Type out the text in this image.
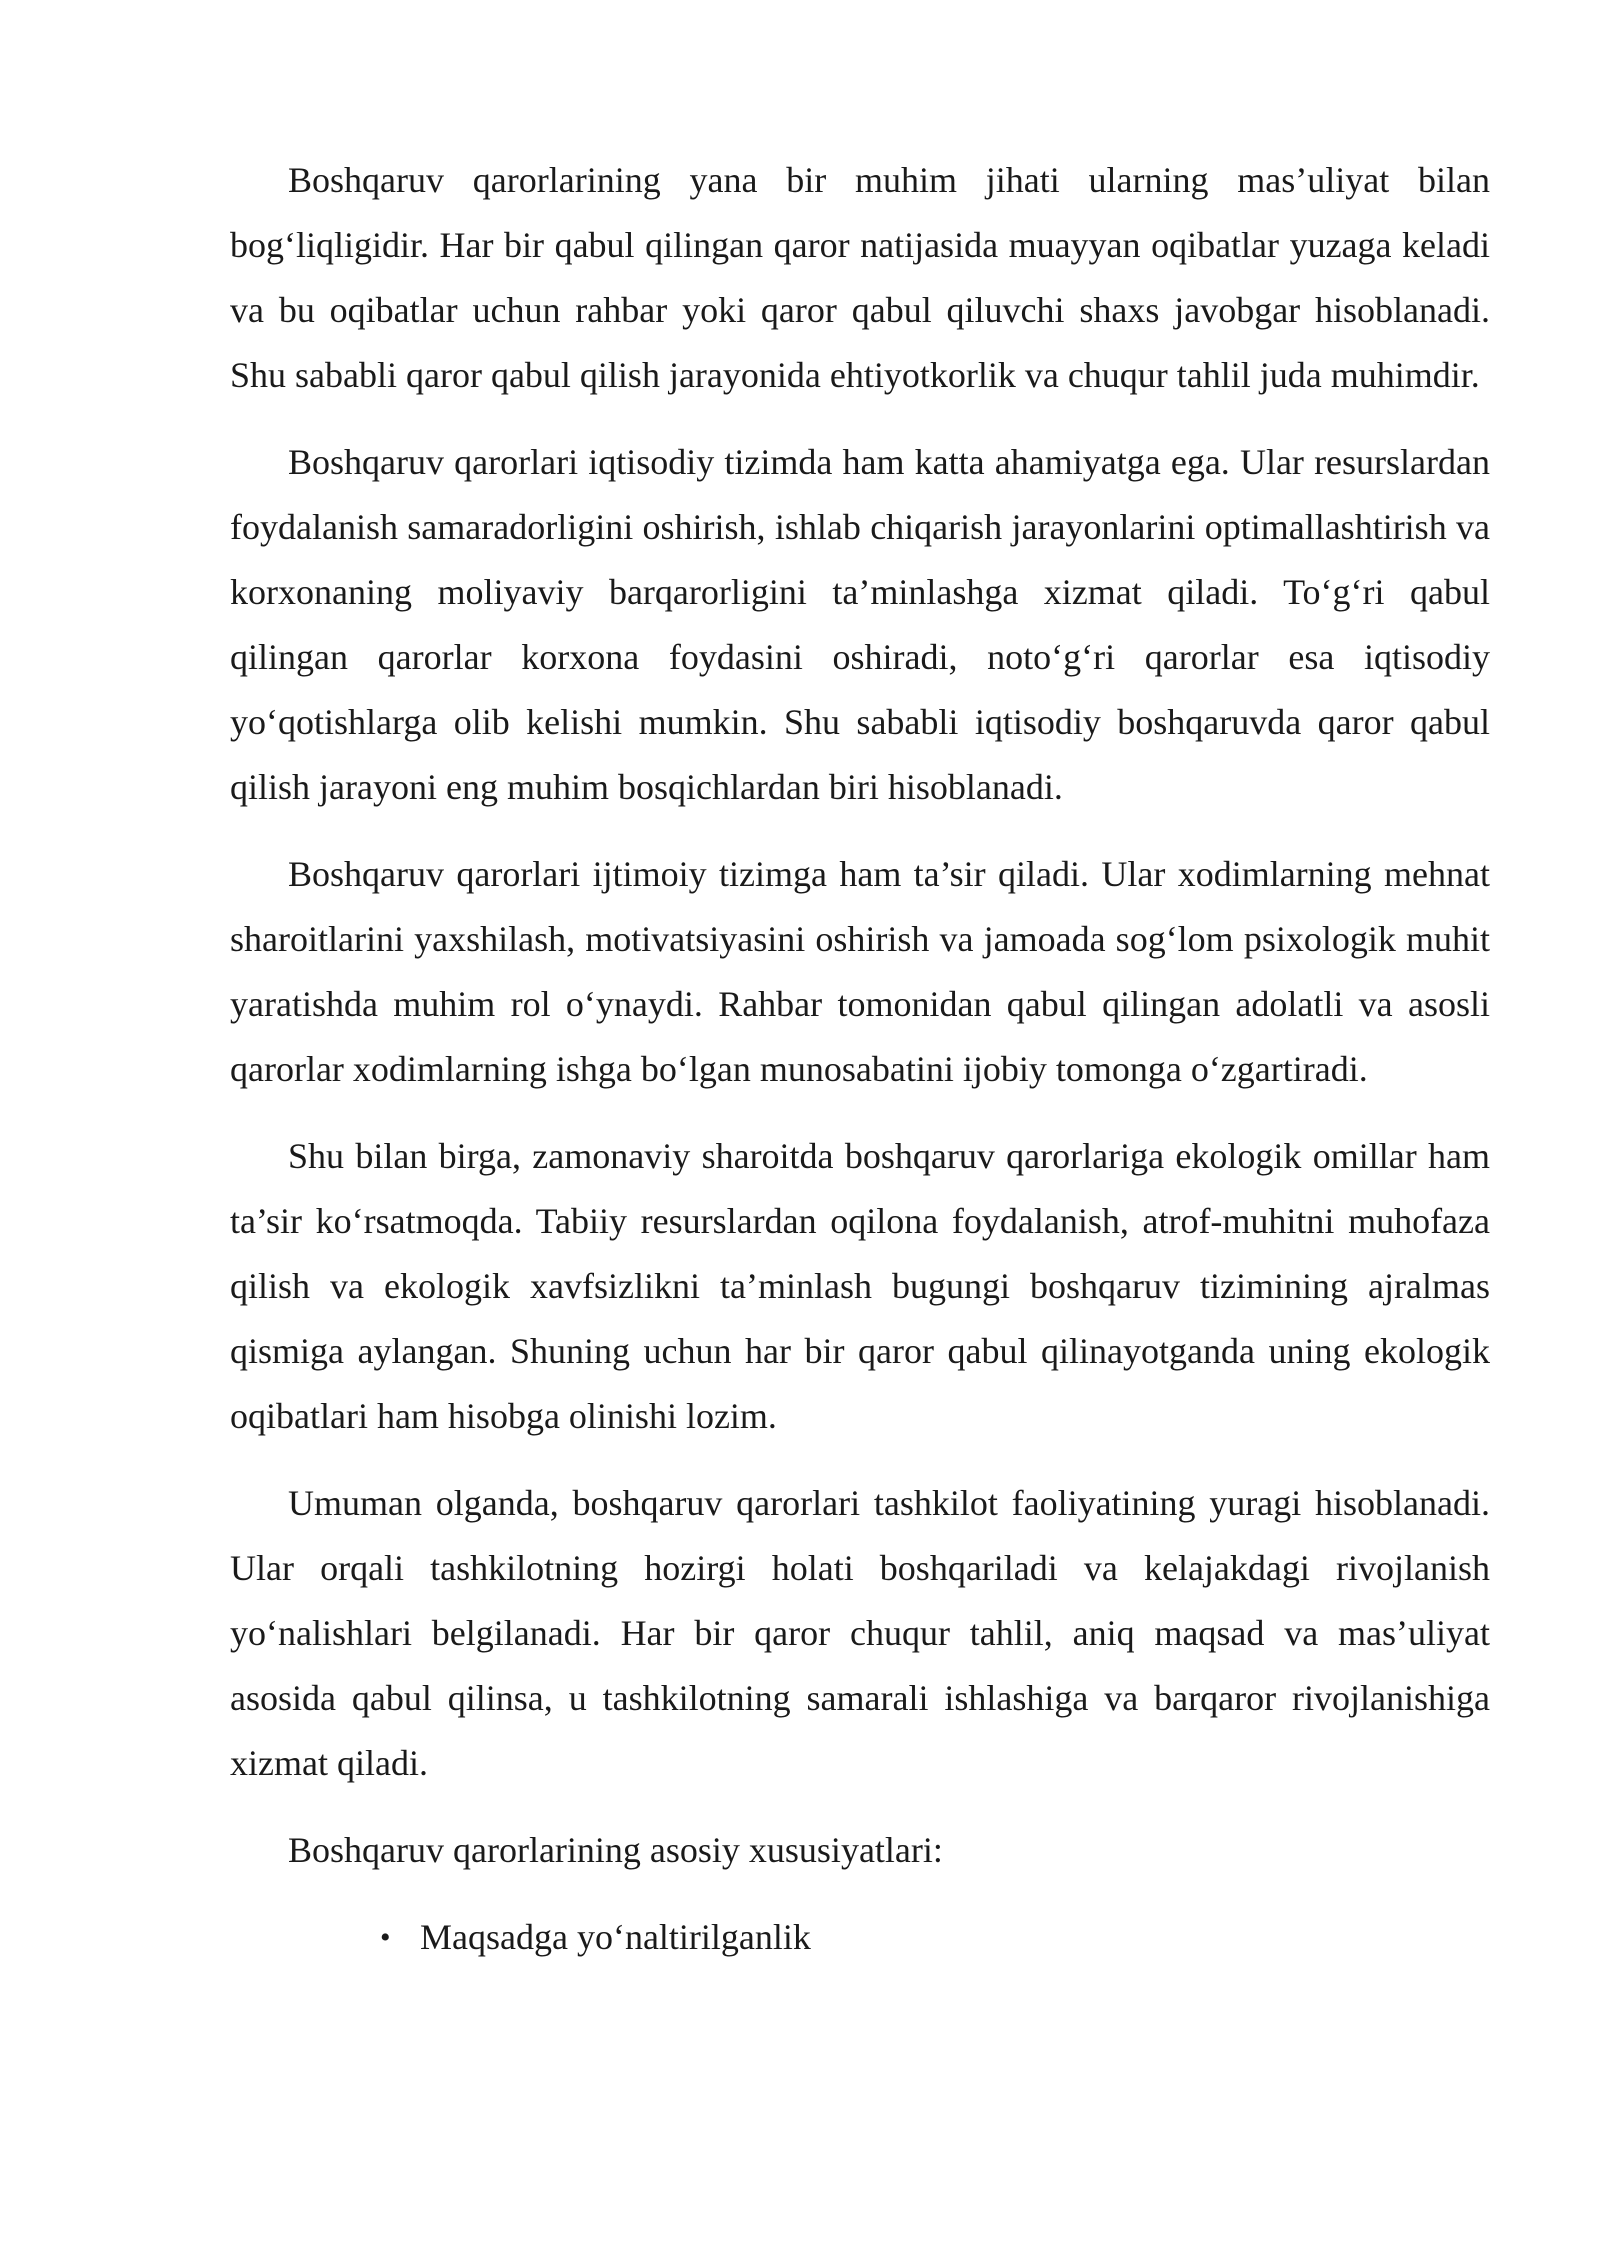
Boshqaruv qarorlarining yana bir muhim jihati ularning mas’uliyat bilan bog‘liqligidir. Har bir qabul qilingan qaror natijasida muayyan oqibatlar yuzaga keladi va bu oqibatlar uchun rahbar yoki qaror qabul qiluvchi shaxs javobgar hisoblanadi. Shu sababli qaror qabul qilish jarayonida ehtiyotkorlik va chuqur tahlil juda muhimdir.

Boshqaruv qarorlari iqtisodiy tizimda ham katta ahamiyatga ega. Ular resurslardan foydalanish samaradorligini oshirish, ishlab chiqarish jarayonlarini optimallashtirish va korxonaning moliyaviy barqarorligini ta’minlashga xizmat qiladi. To‘g‘ri qabul qilingan qarorlar korxona foydasini oshiradi, noto‘g‘ri qarorlar esa iqtisodiy yo‘qotishlarga olib kelishi mumkin. Shu sababli iqtisodiy boshqaruvda qaror qabul qilish jarayoni eng muhim bosqichlardan biri hisoblanadi.

Boshqaruv qarorlari ijtimoiy tizimga ham ta’sir qiladi. Ular xodimlarning mehnat sharoitlarini yaxshilash, motivatsiyasini oshirish va jamoada sog‘lom psixologik muhit yaratishda muhim rol o‘ynaydi. Rahbar tomonidan qabul qilingan adolatli va asosli qarorlar xodimlarning ishga bo‘lgan munosabatini ijobiy tomonga o‘zgartiradi.

Shu bilan birga, zamonaviy sharoitda boshqaruv qarorlariga ekologik omillar ham ta’sir ko‘rsatmoqda. Tabiiy resurslardan oqilona foydalanish, atrof-muhitni muhofaza qilish va ekologik xavfsizlikni ta’minlash bugungi boshqaruv tizimining ajralmas qismiga aylangan. Shuning uchun har bir qaror qabul qilinayotganda uning ekologik oqibatlari ham hisobga olinishi lozim.

Umuman olganda, boshqaruv qarorlari tashkilot faoliyatining yuragi hisoblanadi. Ular orqali tashkilotning hozirgi holati boshqariladi va kelajakdagi rivojlanish yo‘nalishlari belgilanadi. Har bir qaror chuqur tahlil, aniq maqsad va mas’uliyat asosida qabul qilinsa, u tashkilotning samarali ishlashiga va barqaror rivojlanishiga xizmat qiladi.

Boshqaruv qarorlarining asosiy xususiyatlari:

• Maqsadga yo‘naltirilganlik
